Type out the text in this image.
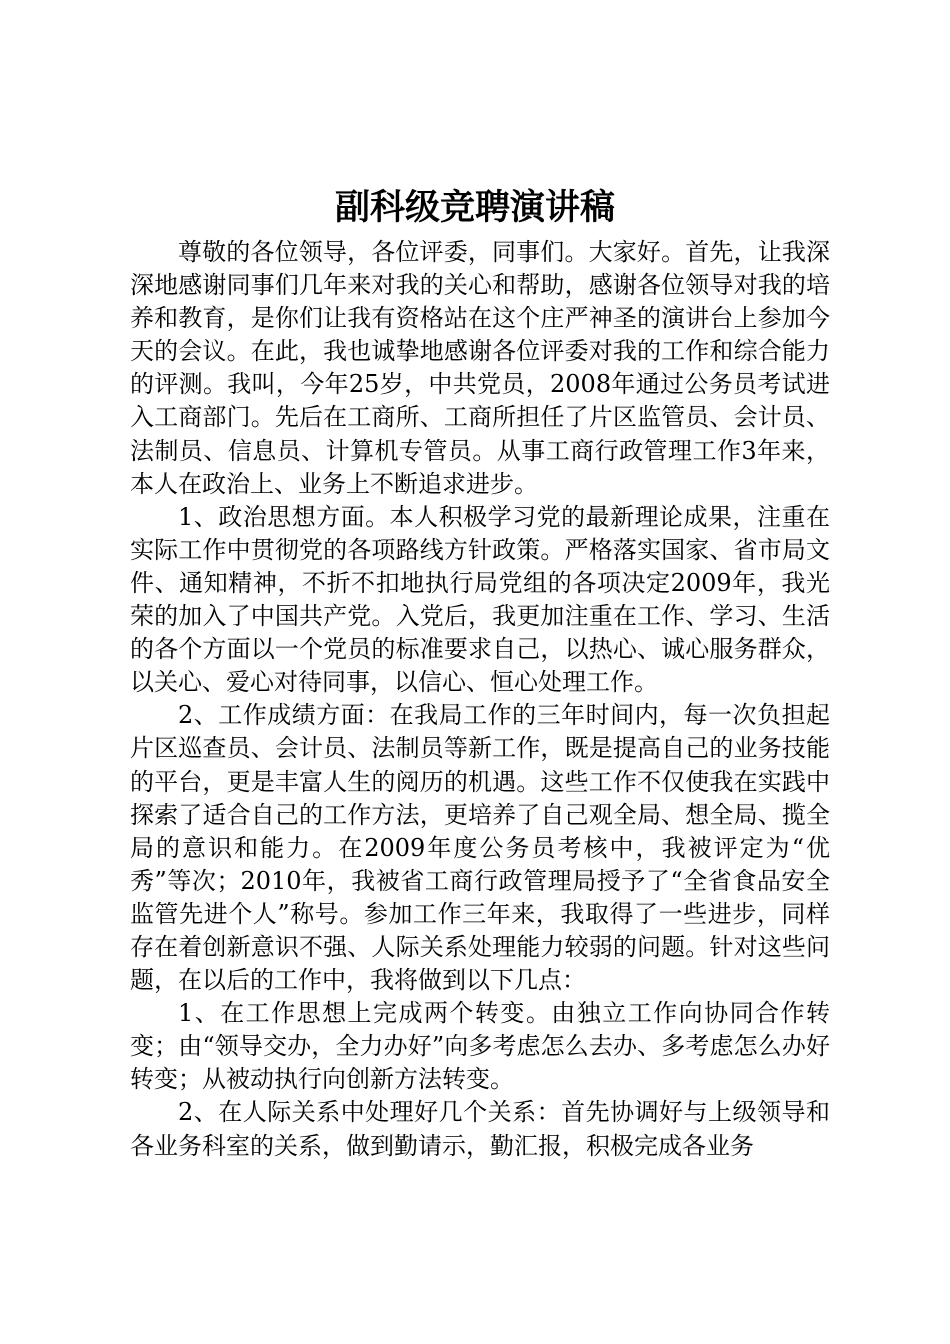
副科级竞聘演讲稿

尊敬的各位领导，各位评委，同事们。大家好。首先，让我深深地感谢同事们几年来对我的关心和帮助，感谢各位领导对我的培养和教育，是你们让我有资格站在这个庄严神圣的演讲台上参加今天的会议。在此，我也诚挚地感谢各位评委对我的工作和综合能力的评测。我叫，今年25岁，中共党员，2008年通过公务员考试进入工商部门。先后在工商所、工商所担任了片区监管员、会计员、法制员、信息员、计算机专管员。从事工商行政管理工作3年来，本人在政治上、业务上不断追求进步。

1、政治思想方面。本人积极学习党的最新理论成果，注重在实际工作中贯彻党的各项路线方针政策。严格落实国家、省市局文件、通知精神，不折不扣地执行局党组的各项决定2009年，我光荣的加入了中国共产党。入党后，我更加注重在工作、学习、生活的各个方面以一个党员的标准要求自己，以热心、诚心服务群众，以关心、爱心对待同事，以信心、恒心处理工作。

2、工作成绩方面：在我局工作的三年时间内，每一次负担起片区巡查员、会计员、法制员等新工作，既是提高自己的业务技能的平台，更是丰富人生的阅历的机遇。这些工作不仅使我在实践中探索了适合自己的工作方法，更培养了自己观全局、想全局、揽全局的意识和能力。在2009年度公务员考核中，我被评定为“优秀”等次；2010年，我被省工商行政管理局授予了“全省食品安全监管先进个人”称号。参加工作三年来，我取得了一些进步，同样存在着创新意识不强、人际关系处理能力较弱的问题。针对这些问题，在以后的工作中，我将做到以下几点：

1、在工作思想上完成两个转变。由独立工作向协同合作转变；由“领导交办，全力办好”向多考虑怎么去办、多考虑怎么办好转变；从被动执行向创新方法转变。

2、在人际关系中处理好几个关系：首先协调好与上级领导和各业务科室的关系，做到勤请示，勤汇报，积极完成各业务
